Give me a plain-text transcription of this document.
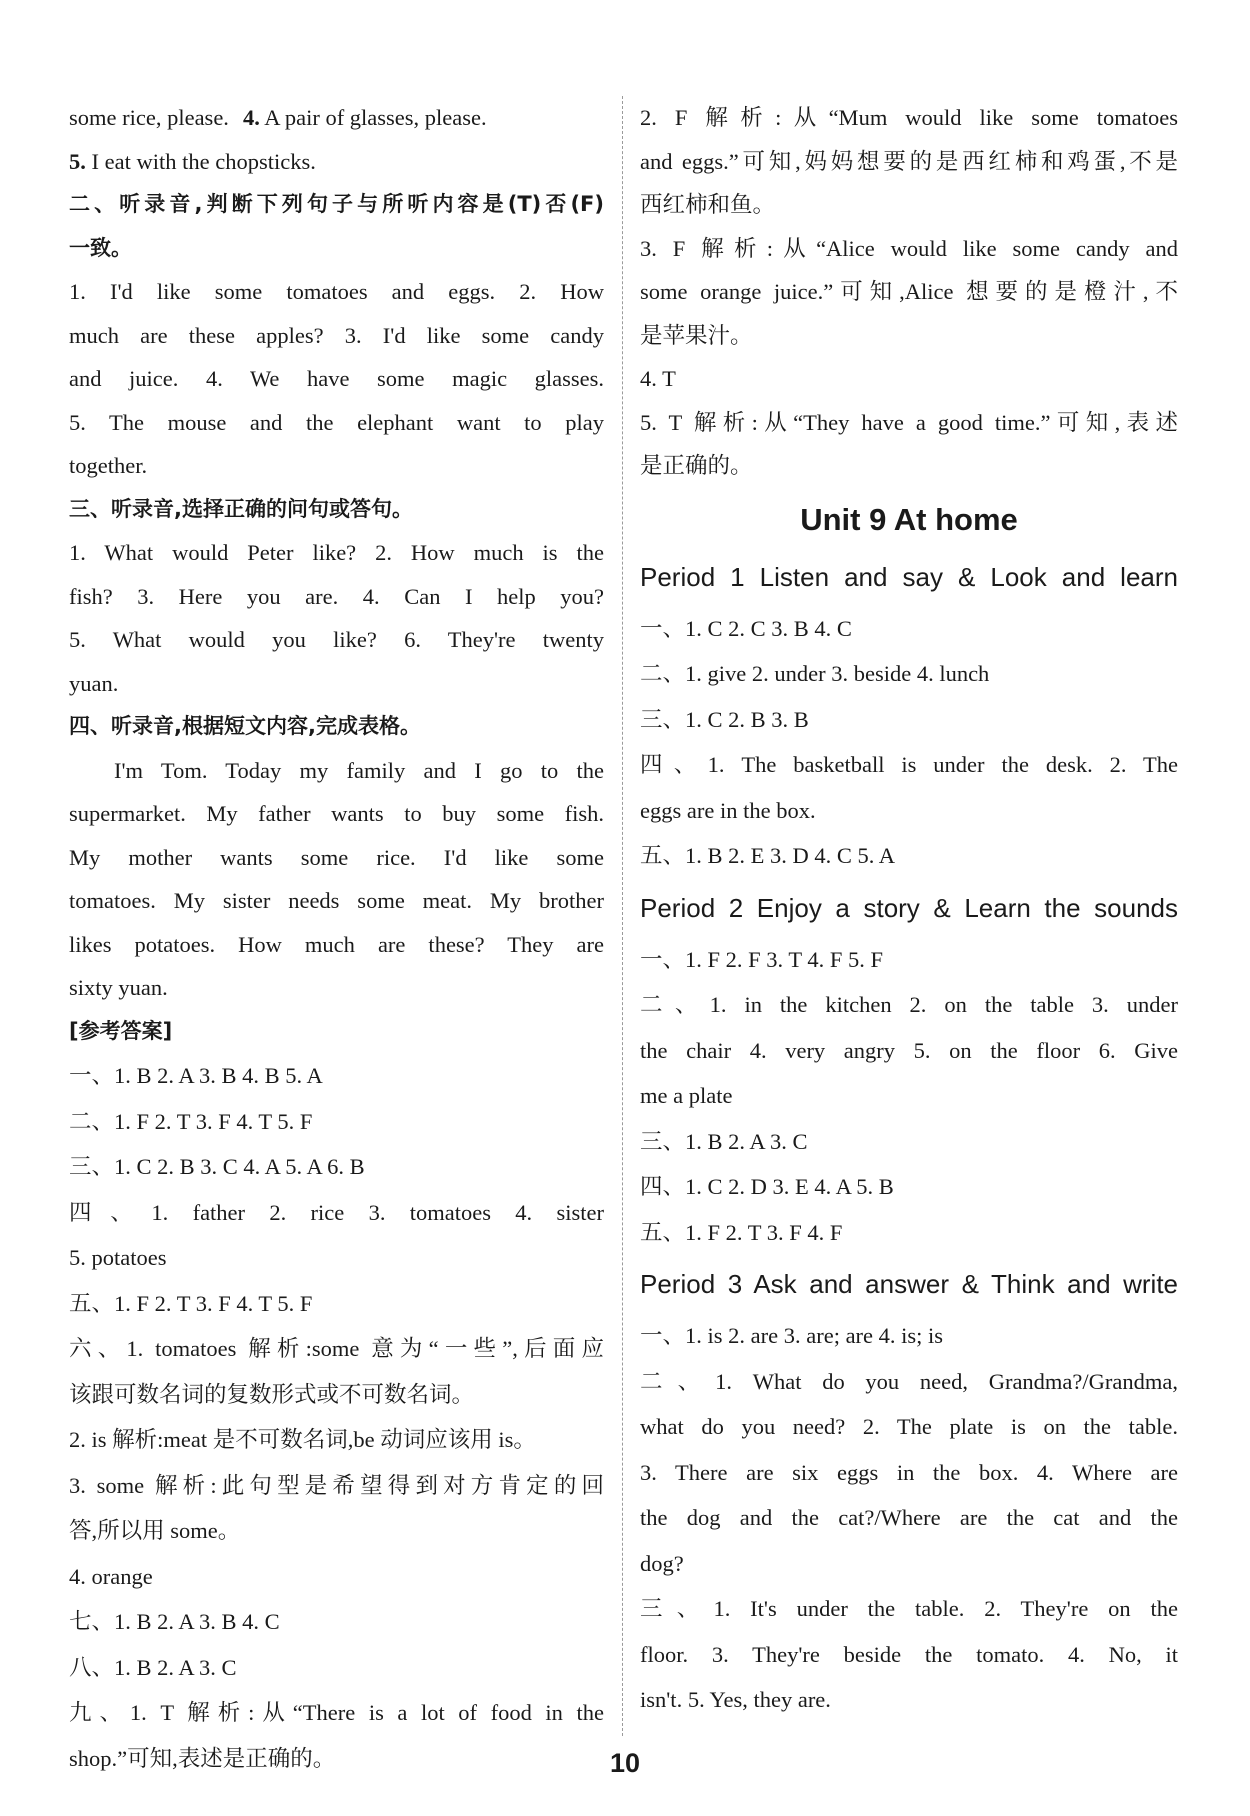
some rice, please. 4. A pair of glasses, please.

5. I eat with the chopsticks.

二、听录音,判断下列句子与所听内容是(T)否(F)

一致。

1. I'd like some tomatoes and eggs. 2. How

much are these apples? 3. I'd like some candy

and juice. 4. We have some magic glasses.

5. The mouse and the elephant want to play

together.

三、听录音,选择正确的问句或答句。

1. What would Peter like? 2. How much is the

fish? 3. Here you are. 4. Can I help you?

5. What would you like? 6. They're twenty

yuan.

四、听录音,根据短文内容,完成表格。

I'm Tom. Today my family and I go to the

supermarket. My father wants to buy some fish.

My mother wants some rice. I'd like some

tomatoes. My sister needs some meat. My brother

likes potatoes. How much are these? They are

sixty yuan.

[参考答案]

一、1. B 2. A 3. B 4. B 5. A

二、1. F 2. T 3. F 4. T 5. F

三、1. C 2. B 3. C 4. A 5. A 6. B

四、1. father 2. rice 3. tomatoes 4. sister

5. potatoes

五、1. F 2. T 3. F 4. T 5. F

六、1. tomatoes 解析:some 意为“一些”,后面应

该跟可数名词的复数形式或不可数名词。

2. is 解析:meat 是不可数名词,be 动词应该用 is。

3. some 解析:此句型是希望得到对方肯定的回

答,所以用 some。

4. orange

七、1. B 2. A 3. B 4. C

八、1. B 2. A 3. C

九、1. T 解析:从“There is a lot of food in the

shop.”可知,表述是正确的。

2. F 解析:从“Mum would like some tomatoes

and eggs.”可知,妈妈想要的是西红柿和鸡蛋,不是

西红柿和鱼。

3. F 解析:从“Alice would like some candy and

some orange juice.”可知,Alice 想要的是橙汁,不

是苹果汁。

4. T

5. T 解析:从“They have a good time.”可知,表述

是正确的。

Unit 9 At home

Period 1 Listen and say & Look and learn

一、1. C 2. C 3. B 4. C

二、1. give 2. under 3. beside 4. lunch

三、1. C 2. B 3. B

四、1. The basketball is under the desk. 2. The

eggs are in the box.

五、1. B 2. E 3. D 4. C 5. A

Period 2 Enjoy a story & Learn the sounds

一、1. F 2. F 3. T 4. F 5. F

二、1. in the kitchen 2. on the table 3. under

the chair 4. very angry 5. on the floor 6. Give

me a plate

三、1. B 2. A 3. C

四、1. C 2. D 3. E 4. A 5. B

五、1. F 2. T 3. F 4. F

Period 3 Ask and answer & Think and write

一、1. is 2. are 3. are; are 4. is; is

二、1. What do you need, Grandma?/Grandma,

what do you need? 2. The plate is on the table.

3. There are six eggs in the box. 4. Where are

the dog and the cat?/Where are the cat and the

dog?

三、1. It's under the table. 2. They're on the

floor. 3. They're beside the tomato. 4. No, it

isn't. 5. Yes, they are.

10
